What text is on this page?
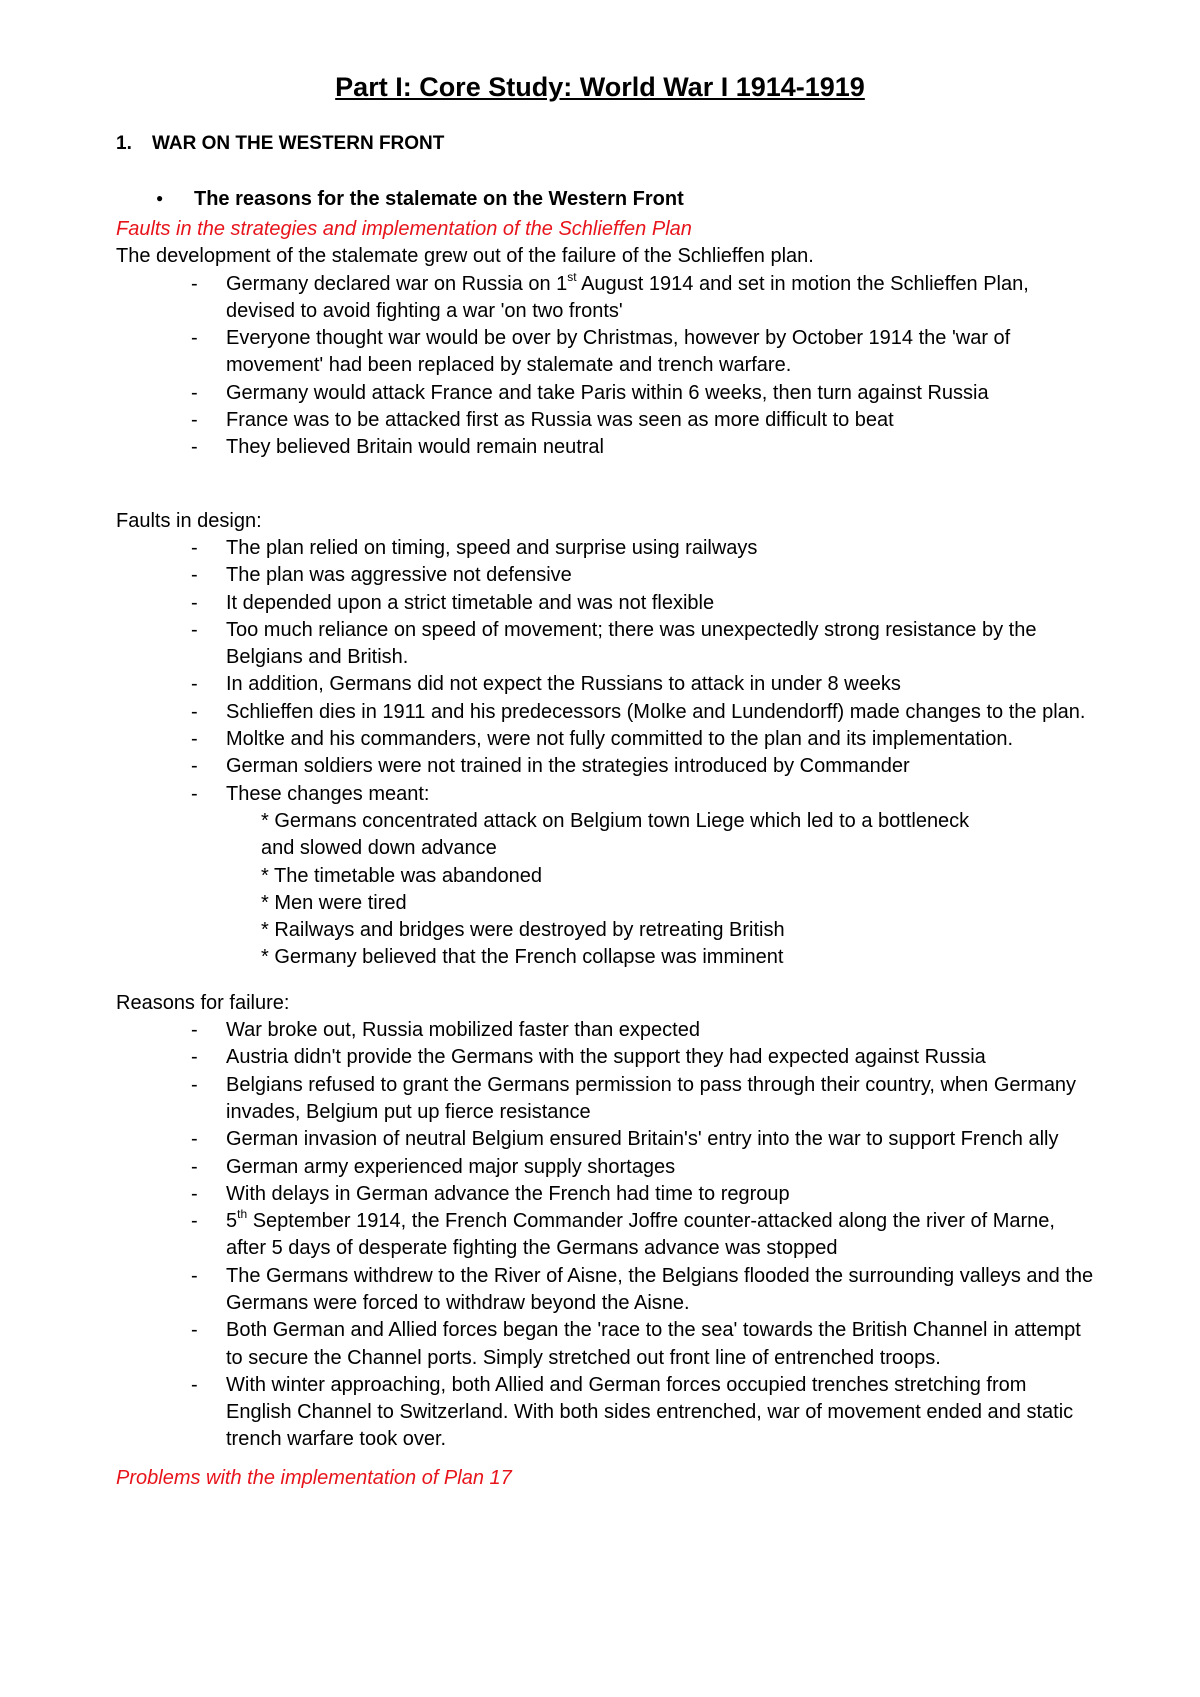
Part I: Core Study: World War I 1914-1919
1. WAR ON THE WESTERN FRONT
● The reasons for the stalemate on the Western Front
Faults in the strategies and implementation of the Schlieffen Plan
The development of the stalemate grew out of the failure of the Schlieffen plan.
- Germany declared war on Russia on 1st August 1914 and set in motion the Schlieffen Plan, devised to avoid fighting a war 'on two fronts'
- Everyone thought war would be over by Christmas, however by October 1914 the 'war of movement' had been replaced by stalemate and trench warfare.
- Germany would attack France and take Paris within 6 weeks, then turn against Russia
- France was to be attacked first as Russia was seen as more difficult to beat
- They believed Britain would remain neutral
Faults in design:
- The plan relied on timing, speed and surprise using railways
- The plan was aggressive not defensive
- It depended upon a strict timetable and was not flexible
- Too much reliance on speed of movement; there was unexpectedly strong resistance by the Belgians and British.
- In addition, Germans did not expect the Russians to attack in under 8 weeks
- Schlieffen dies in 1911 and his predecessors (Molke and Lundendorff) made changes to the plan.
- Moltke and his commanders, were not fully committed to the plan and its implementation.
- German soldiers were not trained in the strategies introduced by Commander
- These changes meant:
* Germans concentrated attack on Belgium town Liege which led to a bottleneck
and slowed down advance
* The timetable was abandoned
* Men were tired
* Railways and bridges were destroyed by retreating British
* Germany believed that the French collapse was imminent
Reasons for failure:
- War broke out, Russia mobilized faster than expected
- Austria didn't provide the Germans with the support they had expected against Russia
- Belgians refused to grant the Germans permission to pass through their country, when Germany invades, Belgium put up fierce resistance
- German invasion of neutral Belgium ensured Britain's' entry into the war to support French ally
- German army experienced major supply shortages
- With delays in German advance the French had time to regroup
- 5th September 1914, the French Commander Joffre counter-attacked along the river of Marne, after 5 days of desperate fighting the Germans advance was stopped
- The Germans withdrew to the River of Aisne, the Belgians flooded the surrounding valleys and the Germans were forced to withdraw beyond the Aisne.
- Both German and Allied forces began the 'race to the sea' towards the British Channel in attempt to secure the Channel ports. Simply stretched out front line of entrenched troops.
- With winter approaching, both Allied and German forces occupied trenches stretching from English Channel to Switzerland. With both sides entrenched, war of movement ended and static trench warfare took over.
Problems with the implementation of Plan 17
